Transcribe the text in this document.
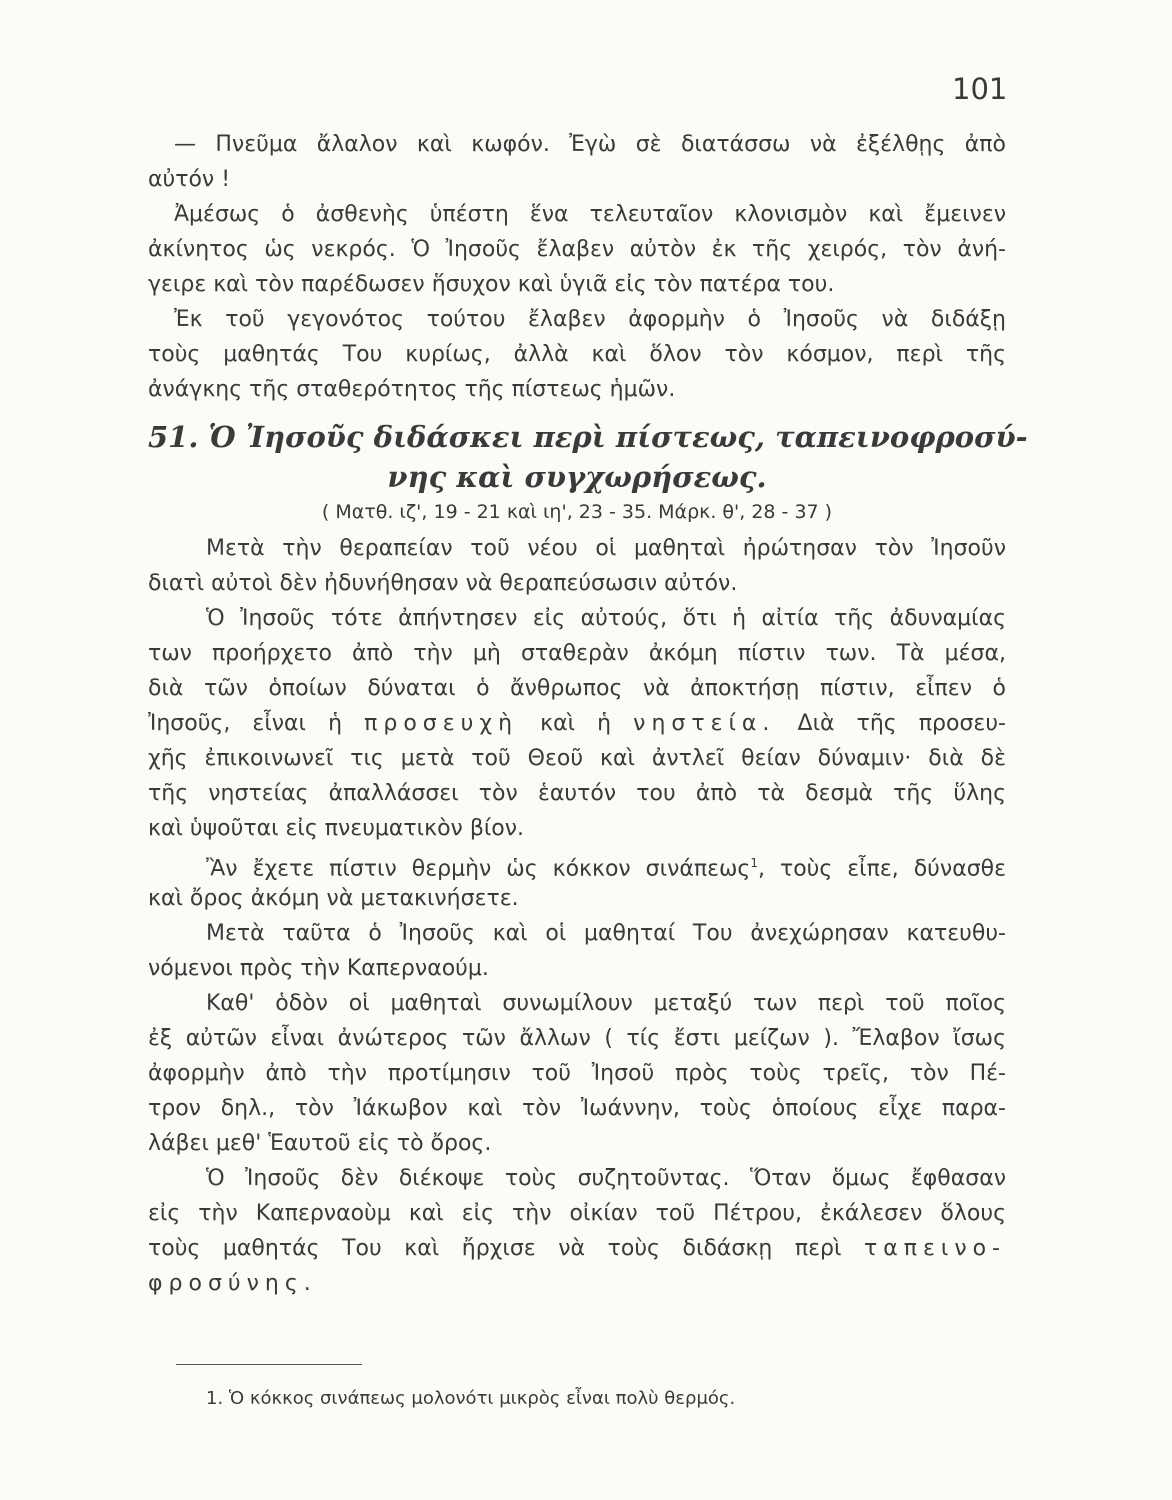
101
— Πνεῦμα ἄλαλον καὶ κωφόν. Ἐγὼ σὲ διατάσσω νὰ ἐξέλθῃς ἀπὸ
αὐτόν !
Ἀμέσως ὁ ἀσθενὴς ὑπέστη ἕνα τελευταῖον κλονισμὸν καὶ ἔμεινεν
ἀκίνητος ὡς νεκρός. Ὁ Ἰησοῦς ἔλαβεν αὐτὸν ἐκ τῆς χειρός, τὸν ἀνή-
γειρε καὶ τὸν παρέδωσεν ἥσυχον καὶ ὑγιᾶ εἰς τὸν πατέρα του.
Ἐκ τοῦ γεγονότος τούτου ἔλαβεν ἀφορμὴν ὁ Ἰησοῦς νὰ διδάξῃ
τοὺς μαθητάς Του κυρίως, ἀλλὰ καὶ ὅλον τὸν κόσμον, περὶ τῆς
ἀνάγκης τῆς σταθερότητος τῆς πίστεως ἡμῶν.
51. Ὁ Ἰησοῦς διδάσκει περὶ πίστεως, ταπεινοφροσύ-
νης καὶ συγχωρήσεως.
( Ματθ. ιζ', 19 - 21 καὶ ιη', 23 - 35. Μάρκ. θ', 28 - 37 )
Μετὰ τὴν θεραπείαν τοῦ νέου οἱ μαθηταὶ ἠρώτησαν τὸν Ἰησοῦν
διατὶ αὐτοὶ δὲν ἠδυνήθησαν νὰ θεραπεύσωσιν αὐτόν.
Ὁ Ἰησοῦς τότε ἀπήντησεν εἰς αὐτούς, ὅτι ἡ αἰτία τῆς ἀδυναμίας
των προήρχετο ἀπὸ τὴν μὴ σταθερὰν ἀκόμη πίστιν των. Τὰ μέσα,
διὰ τῶν ὁποίων δύναται ὁ ἄνθρωπος νὰ ἀποκτήσῃ πίστιν, εἶπεν ὁ
Ἰησοῦς, εἶναι ἡ προσευχὴ καὶ ἡ νηστεία. Διὰ τῆς προσευ-
χῆς ἐπικοινωνεῖ τις μετὰ τοῦ Θεοῦ καὶ ἀντλεῖ θείαν δύναμιν· διὰ δὲ
τῆς νηστείας ἀπαλλάσσει τὸν ἑαυτόν του ἀπὸ τὰ δεσμὰ τῆς ὕλης
καὶ ὑψοῦται εἰς πνευματικὸν βίον.
Ἂν ἔχετε πίστιν θερμὴν ὡς κόκκον σινάπεως$^1$, τοὺς εἶπε, δύνασθε
καὶ ὄρος ἀκόμη νὰ μετακινήσετε.
Μετὰ ταῦτα ὁ Ἰησοῦς καὶ οἱ μαθηταί Του ἀνεχώρησαν κατευθυ-
νόμενοι πρὸς τὴν Καπερναούμ.
Καθ' ὁδὸν οἱ μαθηταὶ συνωμίλουν μεταξύ των περὶ τοῦ ποῖος
ἐξ αὐτῶν εἶναι ἀνώτερος τῶν ἄλλων ( τίς ἔστι μείζων ). Ἔλαβον ἴσως
ἀφορμὴν ἀπὸ τὴν προτίμησιν τοῦ Ἰησοῦ πρὸς τοὺς τρεῖς, τὸν Πέ-
τρον δηλ., τὸν Ἰάκωβον καὶ τὸν Ἰωάννην, τοὺς ὁποίους εἶχε παρα-
λάβει μεθ' Ἑαυτοῦ εἰς τὸ ὄρος.
Ὁ Ἰησοῦς δὲν διέκοψε τοὺς συζητοῦντας. Ὅταν ὅμως ἔφθασαν
εἰς τὴν Καπερναοὺμ καὶ εἰς τὴν οἰκίαν τοῦ Πέτρου, ἐκάλεσεν ὅλους
τοὺς μαθητάς Του καὶ ἤρχισε νὰ τοὺς διδάσκῃ περὶ ταπεινο-
φροσύνης.
1. Ὁ κόκκος σινάπεως μολονότι μικρὸς εἶναι πολὺ θερμός.
